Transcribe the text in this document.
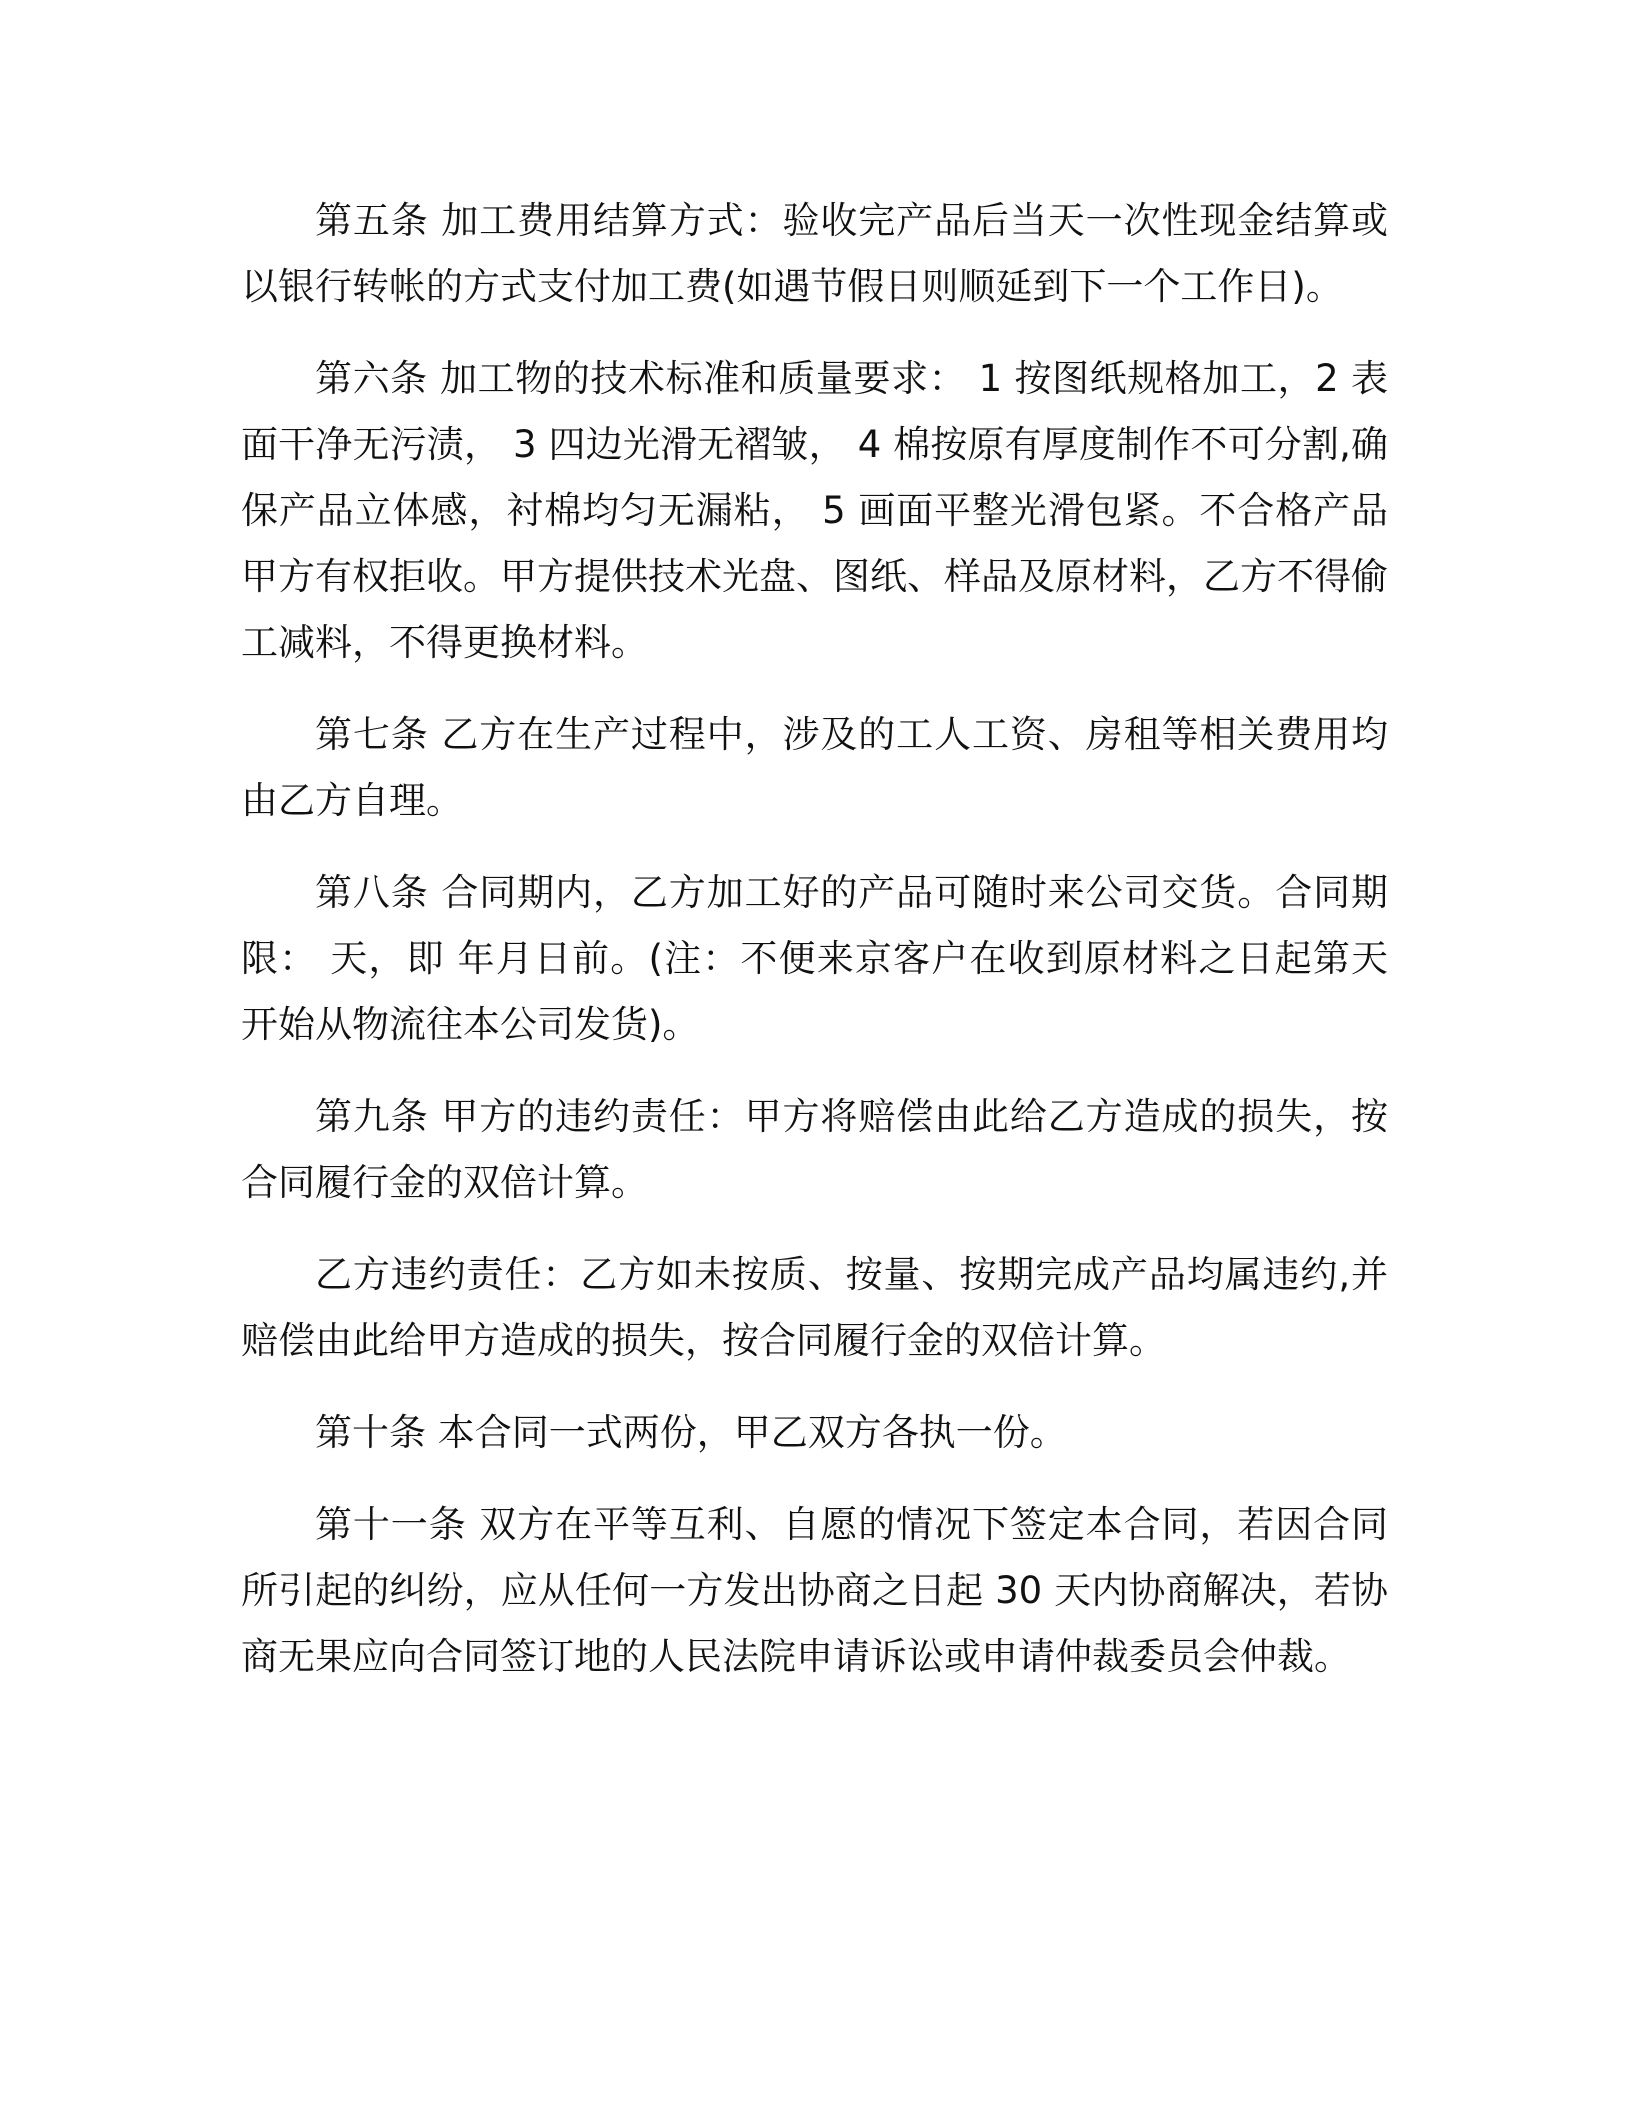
第五条 加工费用结算方式：验收完产品后当天一次性现金结算或以银行转帐的方式支付加工费(如遇节假日则顺延到下一个工作日)。

第六条 加工物的技术标准和质量要求： 1 按图纸规格加工，2 表面干净无污渍， 3 四边光滑无褶皱， 4 棉按原有厚度制作不可分割,确保产品立体感，衬棉均匀无漏粘， 5 画面平整光滑包紧。不合格产品甲方有权拒收。甲方提供技术光盘、图纸、样品及原材料，乙方不得偷工减料，不得更换材料。

第七条 乙方在生产过程中，涉及的工人工资、房租等相关费用均由乙方自理。

第八条 合同期内，乙方加工好的产品可随时来公司交货。合同期限： 天，即 年月日前。(注：不便来京客户在收到原材料之日起第天开始从物流往本公司发货)。

第九条 甲方的违约责任：甲方将赔偿由此给乙方造成的损失，按合同履行金的双倍计算。

乙方违约责任：乙方如未按质、按量、按期完成产品均属违约,并赔偿由此给甲方造成的损失，按合同履行金的双倍计算。

第十条 本合同一式两份，甲乙双方各执一份。

第十一条 双方在平等互利、自愿的情况下签定本合同，若因合同所引起的纠纷，应从任何一方发出协商之日起 30 天内协商解决，若协商无果应向合同签订地的人民法院申请诉讼或申请仲裁委员会仲裁。
